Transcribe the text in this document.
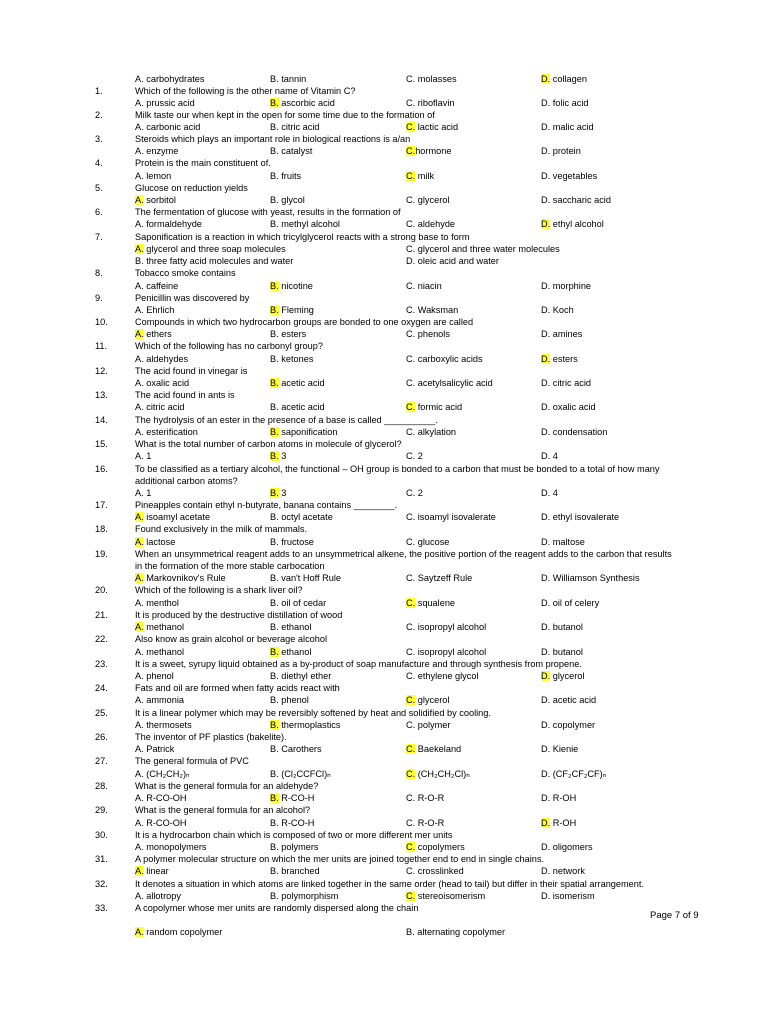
A. carbohydrates	B. tannin	C. molasses	D. collagen
1.	Which of the following is the other name of Vitamin C?
A. prussic acid	B. ascorbic acid	C. riboflavin	D. folic acid
2.	Milk taste our when kept in the open for some time due to the formation of
A. carbonic acid	B. citric acid	C. lactic acid	D. malic acid
3.	Steroids which plays an important role in biological reactions is a/an
A. enzyme	B. catalyst	C.hormone	D. protein
4.	Protein is the main constituent of.
A. lemon	B. fruits	C. milk	D. vegetables
5.	Glucose on reduction yields
A. sorbitol	B. glycol	C. glycerol	D. saccharic acid
6.	The fermentation of glucose with yeast, results in the formation of
A. formaldehyde	B. methyl alcohol	C. aldehyde	D. ethyl alcohol
7.	Saponification is a reaction in which tricylglycerol reacts with a strong base to form
A. glycerol and three soap molecules	C. glycerol and three water molecules
B. three fatty acid molecules and water	D. oleic acid and water
8.	Tobacco smoke contains
A. caffeine	B. nicotine	C. niacin	D. morphine
9.	Penicillin was discovered by
A. Ehrlich	B. Fleming	C. Waksman	D. Koch
10.	Compounds in which two hydrocarbon groups are bonded to one oxygen are called
A. ethers	B. esters	C. phenols	D. amines
11.	Which of the following has no carbonyl group?
A. aldehydes	B. ketones	C. carboxylic acids	D. esters
12.	The acid found in vinegar is
A. oxalic acid	B. acetic acid	C. acetylsalicylic acid	D. citric acid
13.	The acid found in ants is
A. citric acid	B. acetic acid	C. formic acid	D. oxalic acid
14.	The hydrolysis of an ester in the presence of a base is called __________.
A. esterification	B. saponification	C. alkylation	D. condensation
15.	What is the total number of carbon atoms in molecule of glycerol?
A. 1	B. 3	C. 2	D. 4
16.	To be classified as a tertiary alcohol, the functional – OH group is bonded to a carbon that must be bonded to a total of how many
additional carbon atoms?
A. 1	B. 3	C. 2	D. 4
17.	Pineapples contain ethyl n-butyrate, banana contains ________.
A. isoamyl acetate	B. octyl acetate	C. isoamyl isovalerate	D. ethyl isovalerate
18.	Found exclusively in the milk of mammals.
A. lactose	B. fructose	C. glucose	D. maltose
19.	When an unsymmetrical reagent adds to an unsymmetrical alkene, the positive portion of the reagent adds to the carbon that results
in the formation of the more stable carbocation
A. Markovnikov's Rule	B. van't Hoff Rule	C. Saytzeff Rule	D. Williamson Synthesis
20.	Which of the following is a shark liver oil?
A. menthol	B. oil of cedar	C. squalene	D. oil of celery
21.	It is produced by the destructive distillation of wood
A. methanol	B. ethanol	C. isopropyl alcohol	D. butanol
22.	Also know as grain alcohol or beverage alcohol
A. methanol	B. ethanol	C. isopropyl alcohol	D. butanol
23.	It is a sweet, syrupy liquid obtained as a by-product of soap manufacture and through synthesis from propene.
A. phenol	B. diethyl ether	C. ethylene glycol	D. glycerol
24.	Fats and oil are formed when fatty acids react with
A. ammonia	B. phenol	C. glycerol	D. acetic acid
25.	It is a linear polymer which may be reversibly softened by heat and solidified by cooling.
A. thermosets	B. thermoplastics	C. polymer	D. copolymer
26.	The inventor of PF plastics (bakelite).
A. Patrick	B. Carothers	C. Baekeland	D. Kienie
27.	The general formula of PVC
A. (CH₂CH₂)ₙ	B. (Cl₂CCFCl)ₙ	C. (CH₂CH₂Cl)ₙ	D. (CF₂CF₂CF)ₙ
28.	What is the general formula for an aldehyde?
A. R-CO-OH	B. R-CO-H	C. R-O-R	D. R-OH
29.	What is the general formula for an alcohol?
A. R-CO-OH	B. R-CO-H	C. R-O-R	D. R-OH
30.	It is a hydrocarbon chain which is composed of two or more different mer units
A. monopolymers	B. polymers	C. copolymers	D. oligomers
31.	A polymer molecular structure on which the mer units are joined together end to end in single chains.
A. linear	B. branched	C. crosslinked	D. network
32.	It denotes a situation in which atoms are linked together in the same order (head to tail) but differ in their spatial arrangement.
A. allotropy	B. polymorphism	C. stereoisomerism	D. isomerism
33.	A copolymer whose mer units are randomly dispersed along the chain
A. random copolymer	B. alternating copolymer
Page 7 of 9
